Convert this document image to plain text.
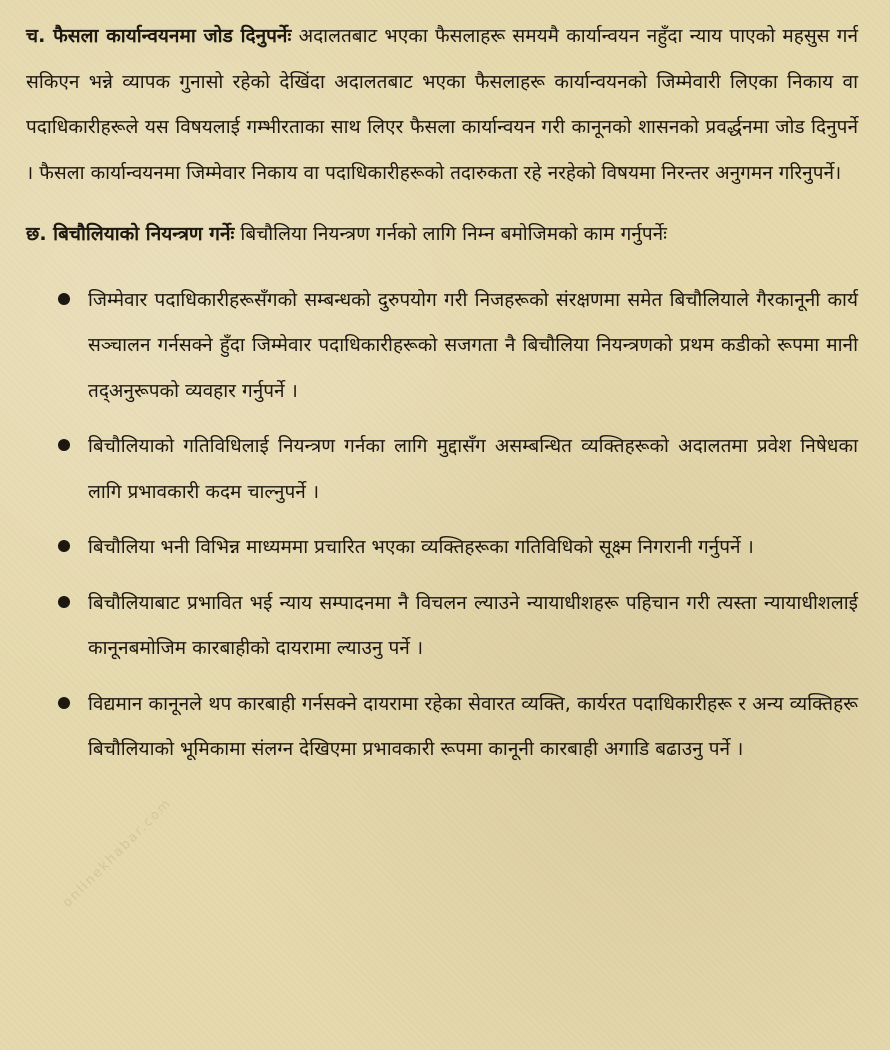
च. फैसला कार्यान्वयनमा जोड दिनुपर्नेः अदालतबाट भएका फैसलाहरू समयमै कार्यान्वयन नहुँदा न्याय पाएको महसुस गर्न सकिएन भन्ने व्यापक गुनासो रहेको देखिंदा अदालतबाट भएका फैसलाहरू कार्यान्वयनको जिम्मेवारी लिएका निकाय वा पदाधिकारीहरूले यस विषयलाई गम्भीरताका साथ लिएर फैसला कार्यान्वयन गरी कानूनको शासनको प्रवर्द्धनमा जोड दिनुपर्ने । फैसला कार्यान्वयनमा जिम्मेवार निकाय वा पदाधिकारीहरूको तदारुकता रहे नरहेको विषयमा निरन्तर अनुगमन गरिनुपर्ने।

छ. बिचौलियाको नियन्त्रण गर्नेः बिचौलिया नियन्त्रण गर्नको लागि निम्न बमोजिमको काम गर्नुपर्नेः

जिम्मेवार पदाधिकारीहरूसँगको सम्बन्धको दुरुपयोग गरी निजहरूको संरक्षणमा समेत बिचौलियाले गैरकानूनी कार्य सञ्चालन गर्नसक्ने हुँदा जिम्मेवार पदाधिकारीहरूको सजगता नै बिचौलिया नियन्त्रणको प्रथम कडीको रूपमा मानी तद्अनुरूपको व्यवहार गर्नुपर्ने ।
बिचौलियाको गतिविधिलाई नियन्त्रण गर्नका लागि मुद्दासँग असम्बन्धित व्यक्तिहरूको अदालतमा प्रवेश निषेधका लागि प्रभावकारी कदम चाल्नुपर्ने ।
बिचौलिया भनी विभिन्न माध्यममा प्रचारित भएका व्यक्तिहरूका गतिविधिको सूक्ष्म निगरानी गर्नुपर्ने ।
बिचौलियाबाट प्रभावित भई न्याय सम्पादनमा नै विचलन ल्याउने न्यायाधीशहरू पहिचान गरी त्यस्ता न्यायाधीशलाई कानूनबमोजिम कारबाहीको दायरामा ल्याउनु पर्ने ।
विद्यमान कानूनले थप कारबाही गर्नसक्ने दायरामा रहेका सेवारत व्यक्ति, कार्यरत पदाधिकारीहरू र अन्य व्यक्तिहरू बिचौलियाको भूमिकामा संलग्न देखिएमा प्रभावकारी रूपमा कानूनी कारबाही अगाडि बढाउनु पर्ने ।
onlinekhabar.com
